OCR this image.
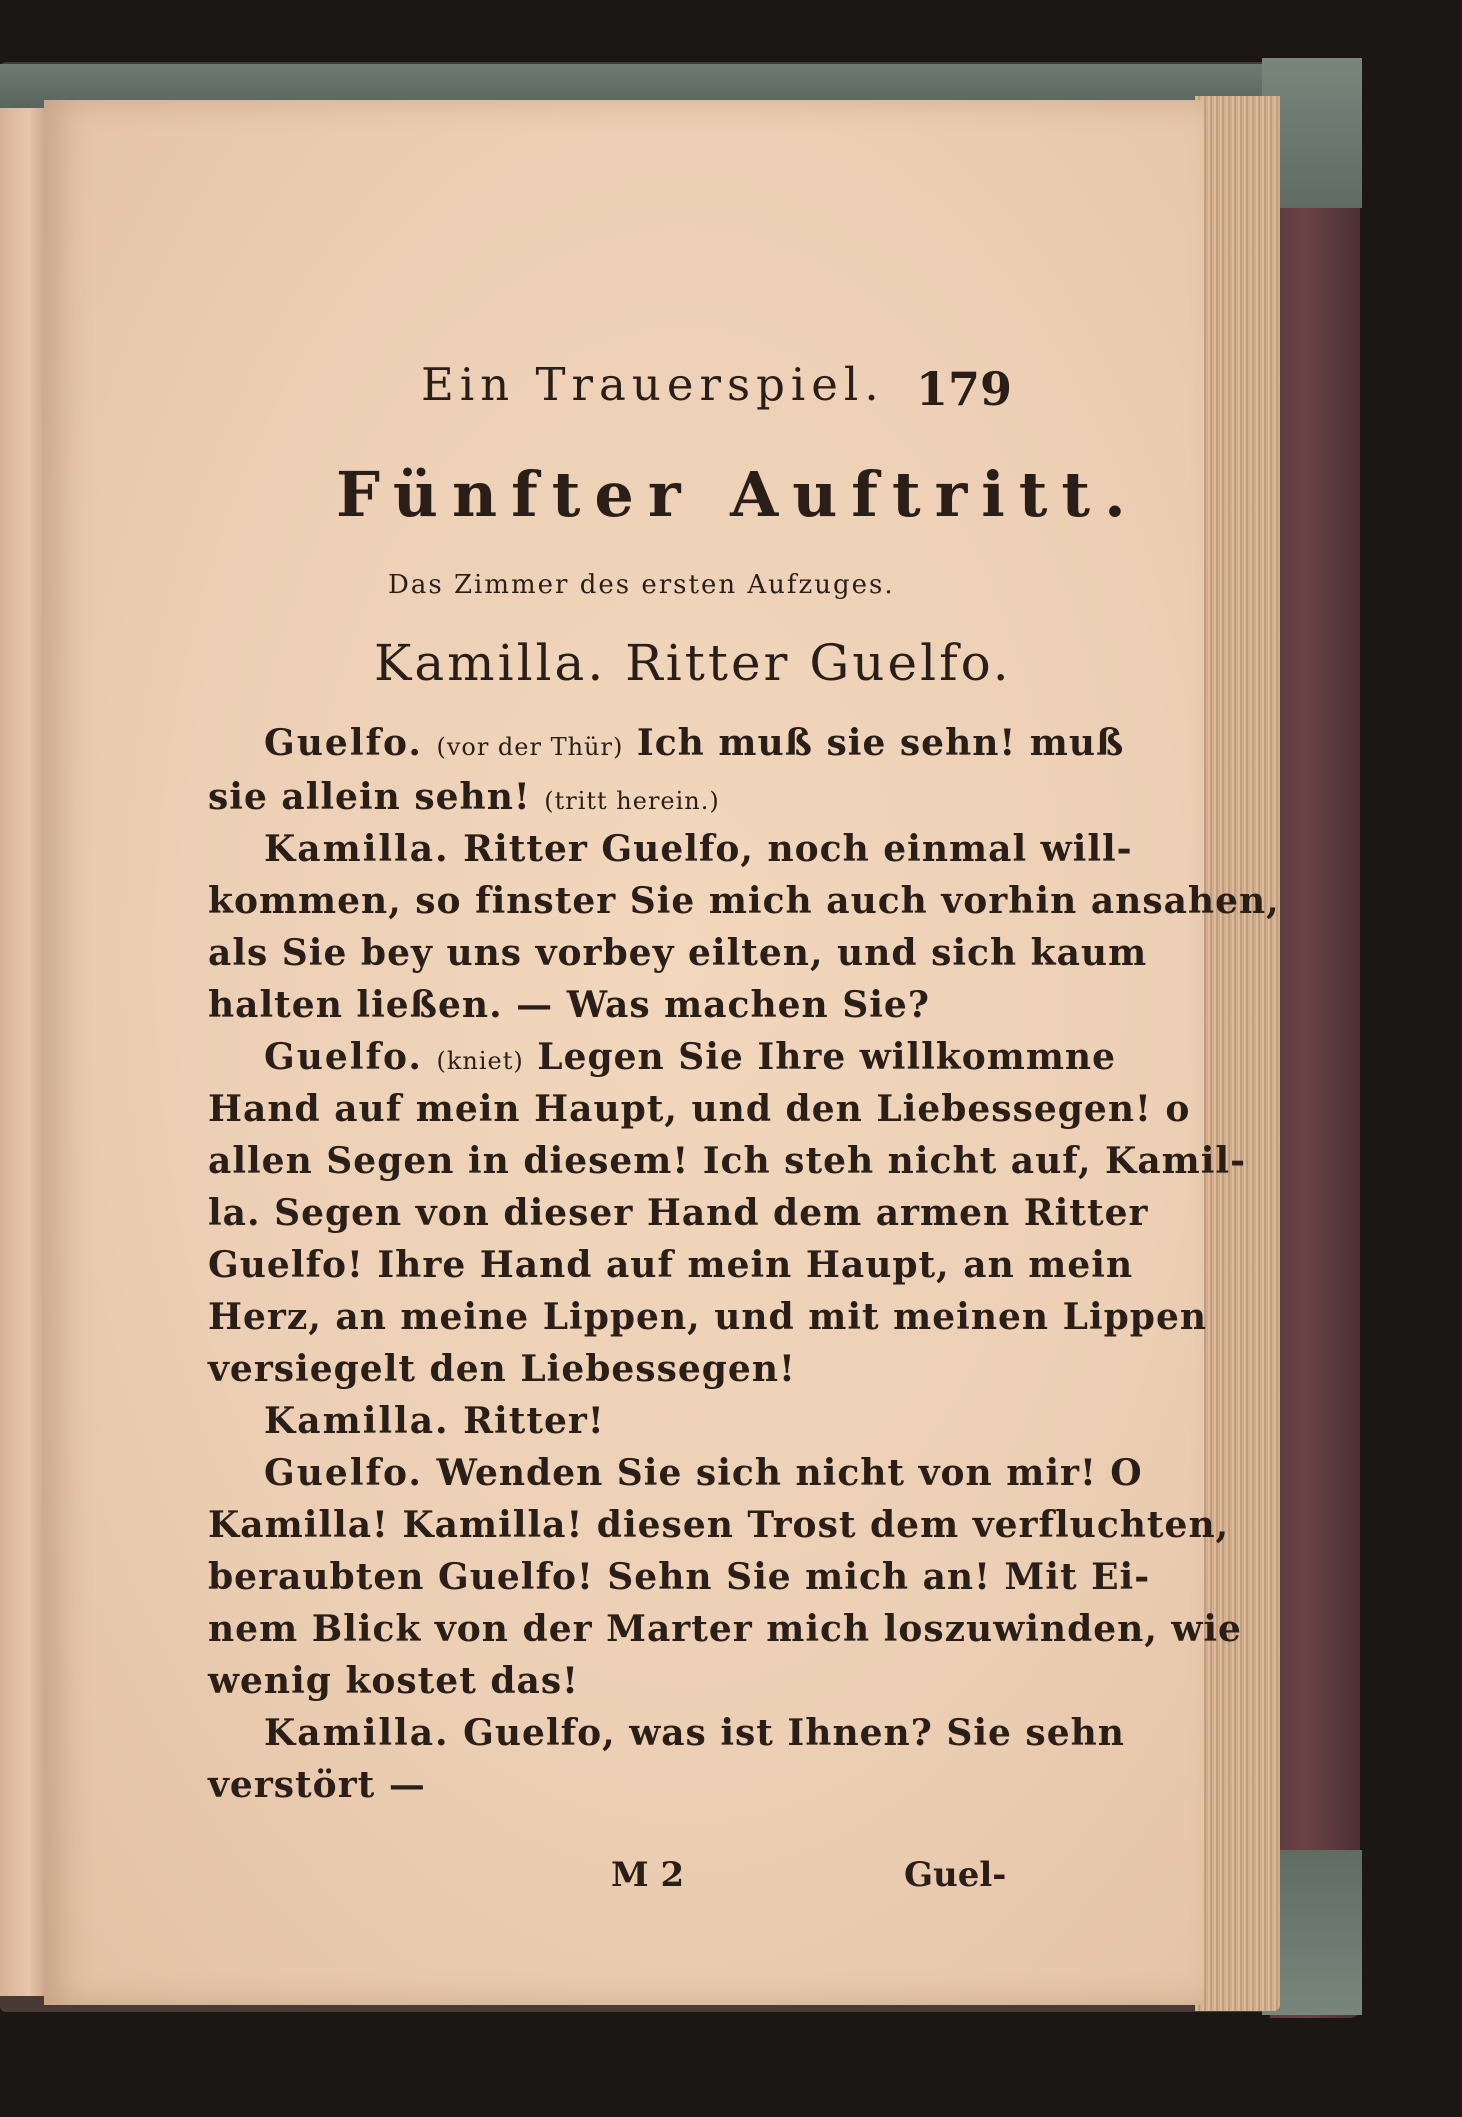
Ein Trauerspiel. 179
Fünfter Auftritt.
Das Zimmer des ersten Aufzuges.
Kamilla. Ritter Guelfo.
Guelfo. (vor der Thür) Ich muß sie sehn! muß
sie allein sehn! (tritt herein.)
Kamilla. Ritter Guelfo, noch einmal will-
kommen, so finster Sie mich auch vorhin ansahen,
als Sie bey uns vorbey eilten, und sich kaum
halten ließen. — Was machen Sie?
Guelfo. (kniet) Legen Sie Ihre willkommne
Hand auf mein Haupt, und den Liebessegen! o
allen Segen in diesem! Ich steh nicht auf, Kamil-
la. Segen von dieser Hand dem armen Ritter
Guelfo! Ihre Hand auf mein Haupt, an mein
Herz, an meine Lippen, und mit meinen Lippen
versiegelt den Liebessegen!
Kamilla. Ritter!
Guelfo. Wenden Sie sich nicht von mir! O
Kamilla! Kamilla! diesen Trost dem verfluchten,
beraubten Guelfo! Sehn Sie mich an! Mit Ei-
nem Blick von der Marter mich loszuwinden, wie
wenig kostet das!
Kamilla. Guelfo, was ist Ihnen? Sie sehn
verstört —
M 2	Guel-
